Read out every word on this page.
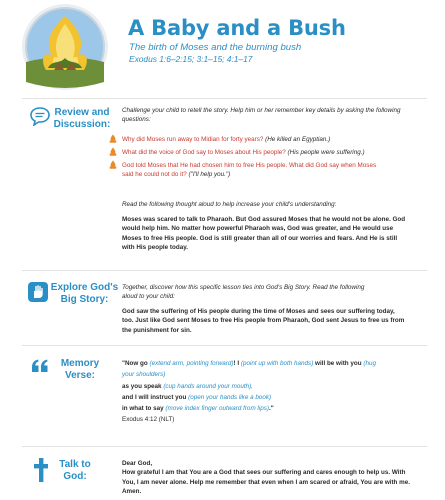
A Baby and a Bush
The birth of Moses and the burning bush
Exodus 1:6–2:15; 3:1–15; 4:1–17
Review and
Discussion:
Challenge your child to retell the story. Help him or her remember key details by asking the following questions:
Why did Moses run away to Midian for forty years? (He killed an Egyptian.)
What did the voice of God say to Moses about His people? (His people were suffering.)
God told Moses that He had chosen him to free His people. What did God say when Moses
said he could not do it? ("I'll help you.")
Read the following thought aloud to help increase your child's understanding:

Moses was scared to talk to Pharaoh. But God assured Moses that he would not be alone. God

would help him. No matter how powerful Pharaoh was, God was greater, and He would use

Moses to free His people. God is still greater than all of our worries and fears. And He is still

with His people today.

Explore God's
Big Story:

Together, discover how this specific lesson ties into God's Big Story. Read the following

aloud to your child:

God saw the suffering of His people during the time of Moses and sees our suffering today,

too. Just like God sent Moses to free His people from Pharaoh, God sent Jesus to free us from

the punishment for sin.

Memory
Verse:

"Now go (extend arm, pointing forward)! I (point up with both hands) will be with you (hug

your shoulders)

as you speak (cup hands around your mouth),

and I will instruct you (open your hands like a book)

in what to say (move index finger outward from lips)."

Exodus 4:12 (NLT)

Talk to
God:

Dear God,

How grateful I am that You are a God that sees our suffering and cares enough to help us. With

You, I am never alone. Help me remember that even when I am scared or afraid, You are with me.

Amen.
